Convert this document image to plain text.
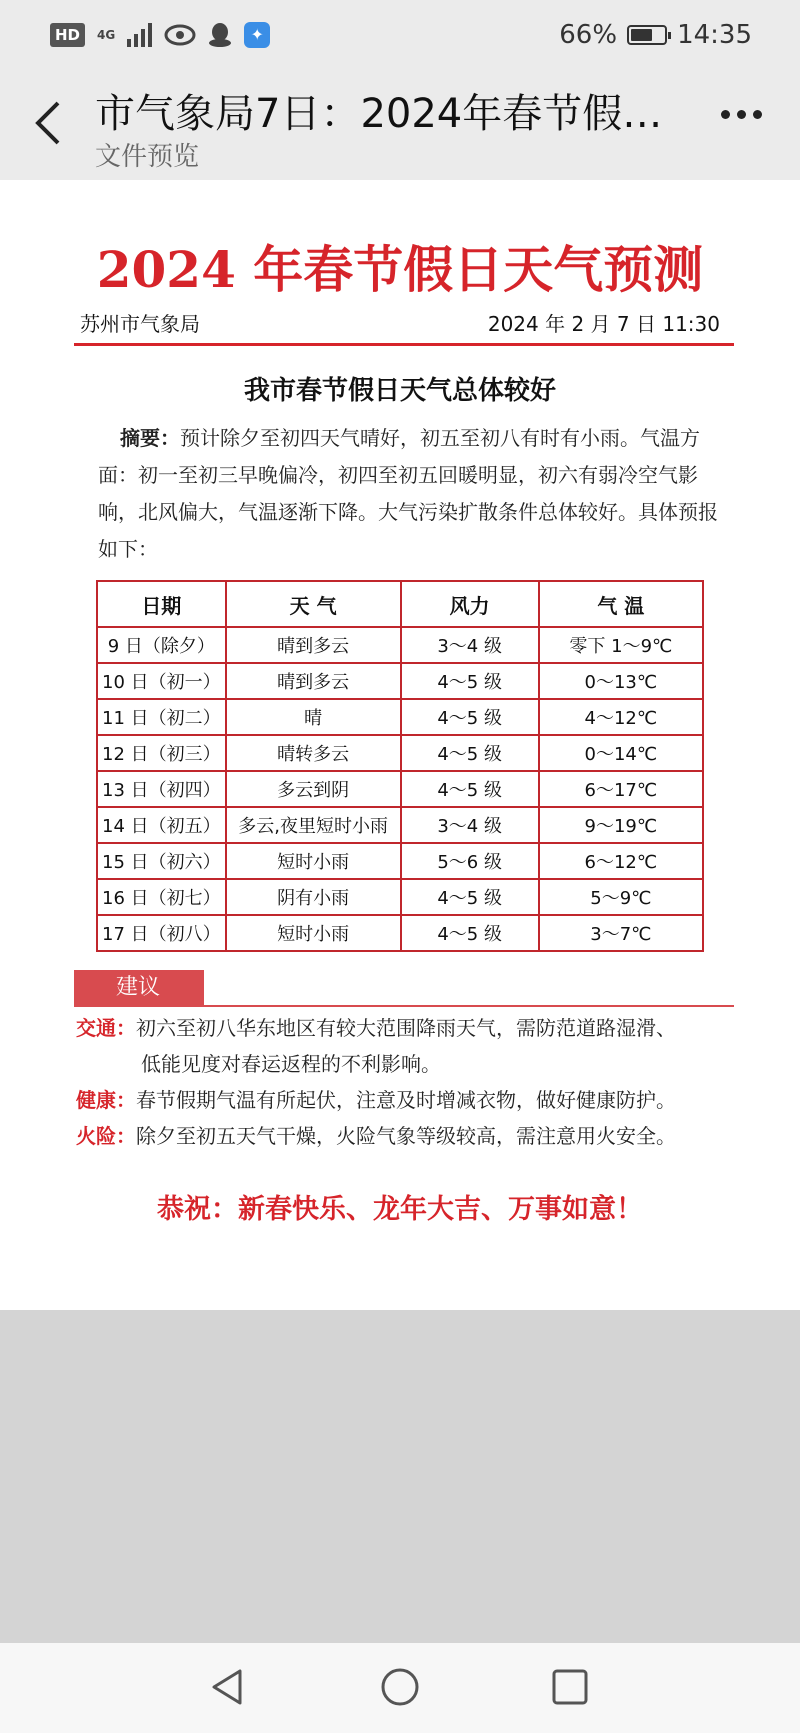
HD	4G	✦	66% 14:35
市气象局7日：2024年春节假…
文件预览
2024 年春节假日天气预测
苏州市气象局	2024 年 2 月 7 日 11:30
我市春节假日天气总体较好
摘要：预计除夕至初四天气晴好，初五至初八有时有小雨。气温方面：初一至初三早晚偏冷，初四至初五回暖明显，初六有弱冷空气影响，北风偏大，气温逐渐下降。大气污染扩散条件总体较好。具体预报如下：
日期	天 气	风力	气 温
9 日（除夕）	晴到多云	3～4 级	零下 1～9℃
10 日（初一）	晴到多云	4～5 级	0～13℃
11 日（初二）	晴	4～5 级	4～12℃
12 日（初三）	晴转多云	4～5 级	0～14℃
13 日（初四）	多云到阴	4～5 级	6～17℃
14 日（初五）	多云,夜里短时小雨	3～4 级	9～19℃
15 日（初六）	短时小雨	5～6 级	6～12℃
16 日（初七）	阴有小雨	4～5 级	5～9℃
17 日（初八）	短时小雨	4～5 级	3～7℃
建议
交通：初六至初八华东地区有较大范围降雨天气，需防范道路湿滑、
低能见度对春运返程的不利影响。
健康：春节假期气温有所起伏，注意及时增减衣物，做好健康防护。
火险：除夕至初五天气干燥，火险气象等级较高，需注意用火安全。
恭祝：新春快乐、龙年大吉、万事如意！
